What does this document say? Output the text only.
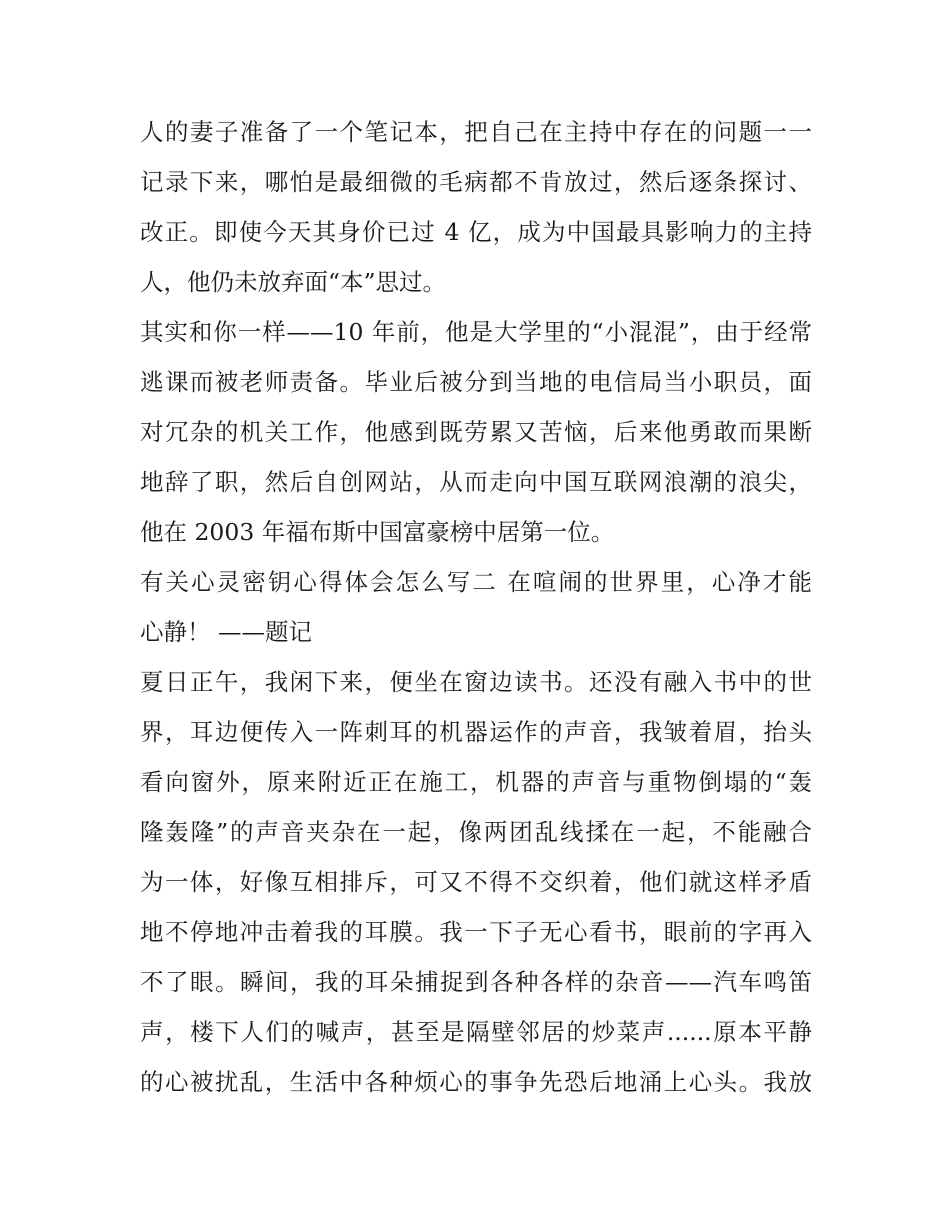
人的妻子准备了一个笔记本，把自己在主持中存在的问题一一
记录下来，哪怕是最细微的毛病都不肯放过，然后逐条探讨、
改正。即使今天其身价已过 4 亿，成为中国最具影响力的主持
人，他仍未放弃面“本”思过。
其实和你一样——10 年前，他是大学里的“小混混”，由于经常
逃课而被老师责备。毕业后被分到当地的电信局当小职员，面
对冗杂的机关工作，他感到既劳累又苦恼，后来他勇敢而果断
地辞了职，然后自创网站，从而走向中国互联网浪潮的浪尖，
他在 2003 年福布斯中国富豪榜中居第一位。
有关心灵密钥心得体会怎么写二 在喧闹的世界里，心净才能
心静！ ——题记
夏日正午，我闲下来，便坐在窗边读书。还没有融入书中的世
界，耳边便传入一阵刺耳的机器运作的声音，我皱着眉，抬头
看向窗外，原来附近正在施工，机器的声音与重物倒塌的“轰
隆轰隆”的声音夹杂在一起，像两团乱线揉在一起，不能融合
为一体，好像互相排斥，可又不得不交织着，他们就这样矛盾
地不停地冲击着我的耳膜。我一下子无心看书，眼前的字再入
不了眼。瞬间，我的耳朵捕捉到各种各样的杂音——汽车鸣笛
声，楼下人们的喊声，甚至是隔壁邻居的炒菜声......原本平静
的心被扰乱，生活中各种烦心的事争先恐后地涌上心头。我放
